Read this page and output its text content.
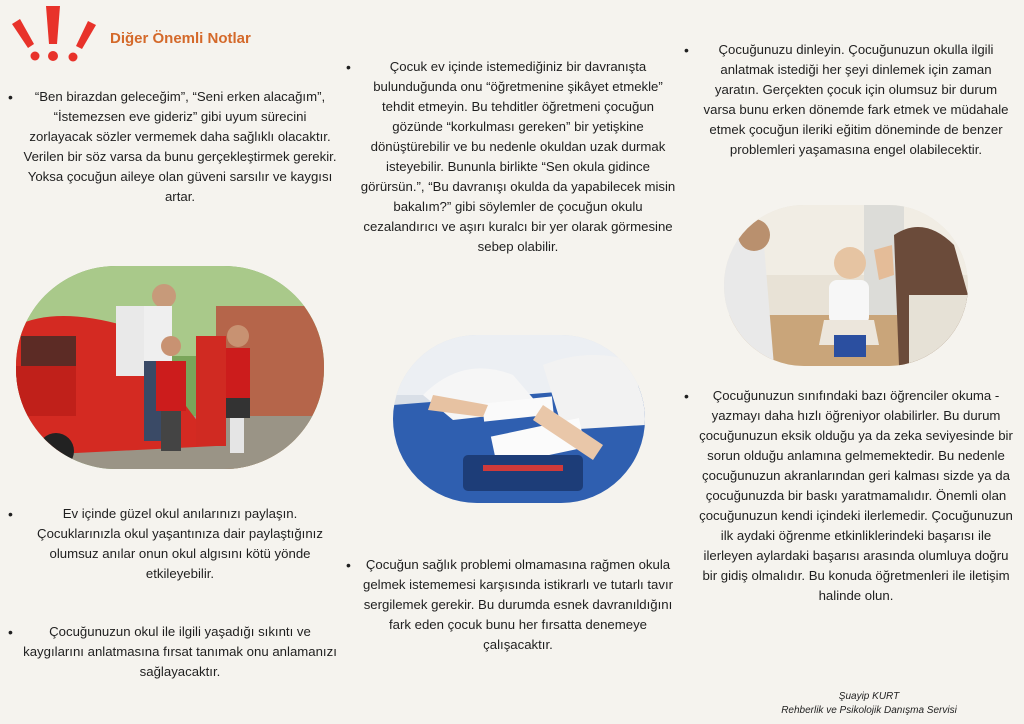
Diğer Önemli Notlar
•	“Ben birazdan geleceğim”, “Seni erken alacağım”, “İstemezsen eve gideriz” gibi uyum sürecini zorlayacak sözler vermemek daha sağlıklı olacaktır. Verilen bir söz varsa da bunu gerçekleştirmek gerekir. Yoksa çocuğun aileye olan güveni sarsılır ve kaygısı artar.
•	Ev içinde güzel okul anılarınızı paylaşın. Çocuklarınızla okul yaşantınıza dair paylaştığınız olumsuz anılar onun okul algısını kötü yönde etkileyebilir.
•	Çocuğunuzun okul ile ilgili yaşadığı sıkıntı ve kaygılarını anlatmasına fırsat tanımak onu anlamanızı sağlayacaktır.
•	Çocuk ev içinde istemediğiniz bir davranışta bulunduğunda onu “öğretmenine şikâyet etmekle” tehdit etmeyin. Bu tehditler öğretmeni çocuğun gözünde “korkulması gereken” bir yetişkine dönüştürebilir ve bu nedenle okuldan uzak durmak isteyebilir. Bununla birlikte “Sen okula gidince görürsün.”, “Bu davranışı okulda da yapabilecek misin bakalım?” gibi söylemler de çocuğun okulu cezalandırıcı ve aşırı kuralcı bir yer olarak görmesine sebep olabilir.
•	Çocuğun sağlık problemi olmamasına rağmen okula gelmek istememesi karşısında istikrarlı ve tutarlı tavır sergilemek gerekir. Bu durumda esnek davranıldığını fark eden çocuk bunu her fırsatta denemeye çalışacaktır.
•	Çocuğunuzu dinleyin. Çocuğunuzun okulla ilgili anlatmak istediği her şeyi dinlemek için zaman yaratın. Gerçekten çocuk için olumsuz bir durum varsa bunu erken dönemde fark etmek ve müdahale etmek çocuğun ileriki eğitim döneminde de benzer problemleri yaşamasına engel olabilecektir.
•	Çocuğunuzun sınıfındaki bazı öğrenciler okuma - yazmayı daha hızlı öğreniyor olabilirler. Bu durum çocuğunuzun eksik olduğu ya da zeka seviyesinde bir sorun olduğu anlamına gelmemektedir. Bu nedenle çocuğunuzun akranlarından geri kalması sizde ya da çocuğunuzda bir baskı yaratmamalıdır. Önemli olan çocuğunuzun kendi içindeki ilerlemedir. Çocuğunuzun ilk aydaki öğrenme etkinliklerindeki başarısı ile ilerleyen aylardaki başarısı arasında olumluya doğru bir gidiş olmalıdır. Bu konuda öğretmenleri ile iletişim halinde olun.
Şuayip KURT
Rehberlik ve Psikolojik Danışma Servisi
